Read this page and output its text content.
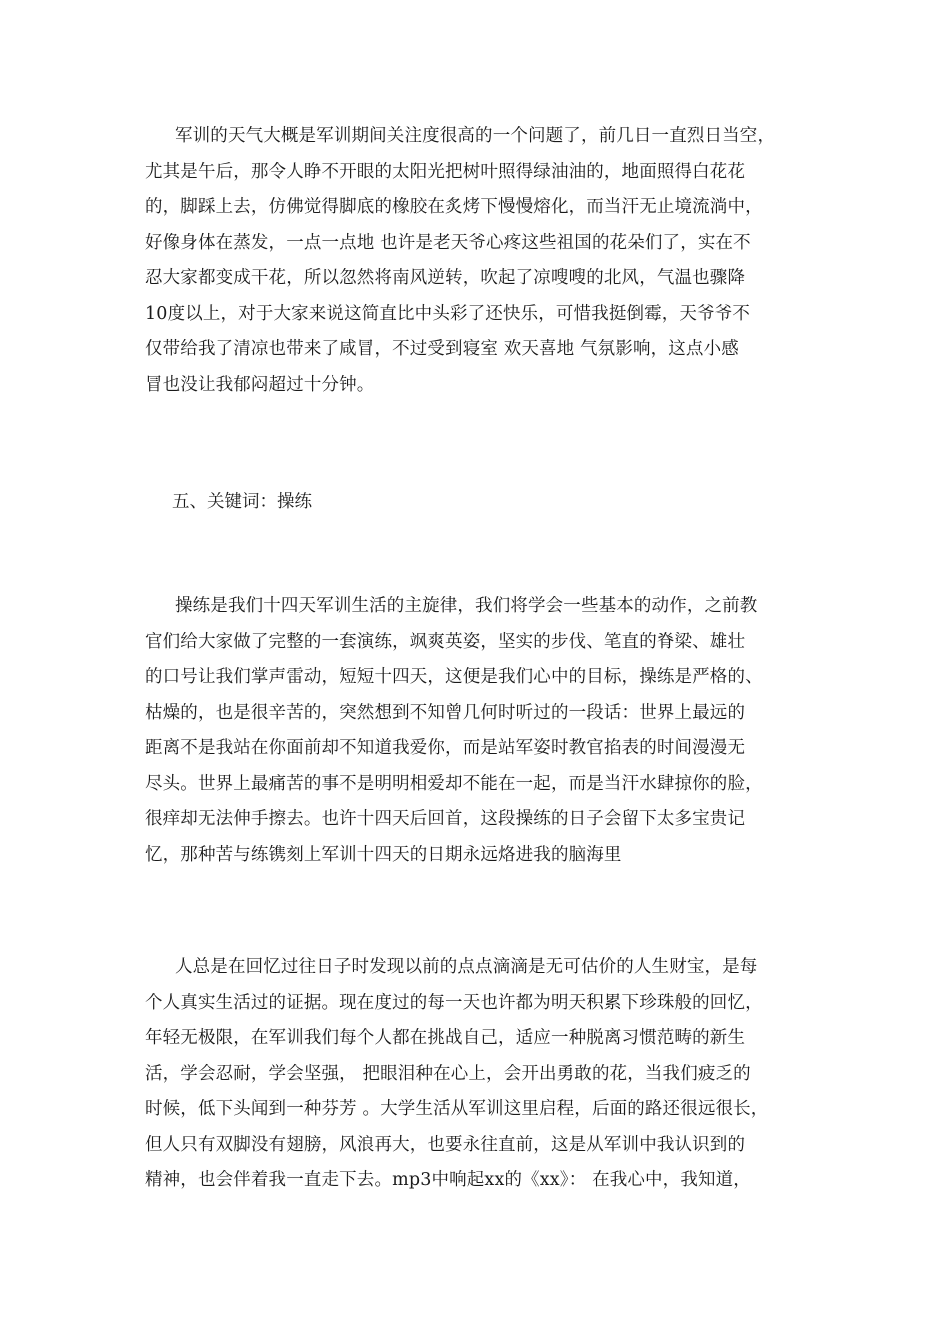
军训的天气大概是军训期间关注度很高的一个问题了，前几日一直烈日当空，
尤其是午后，那令人睁不开眼的太阳光把树叶照得绿油油的，地面照得白花花
的，脚踩上去，仿佛觉得脚底的橡胶在炙烤下慢慢熔化，而当汗无止境流淌中，
好像身体在蒸发，一点一点地 也许是老天爷心疼这些祖国的花朵们了，实在不
忍大家都变成干花，所以忽然将南风逆转，吹起了凉嗖嗖的北风，气温也骤降
10度以上，对于大家来说这简直比中头彩了还快乐，可惜我挺倒霉，天爷爷不
仅带给我了清凉也带来了咸冒，不过受到寝室 欢天喜地 气氛影响，这点小感
冒也没让我郁闷超过十分钟。
五、关键词：操练
操练是我们十四天军训生活的主旋律，我们将学会一些基本的动作，之前教
官们给大家做了完整的一套演练，飒爽英姿，坚实的步伐、笔直的脊梁、雄壮
的口号让我们掌声雷动，短短十四天，这便是我们心中的目标，操练是严格的、
枯燥的，也是很辛苦的，突然想到不知曾几何时听过的一段话：世界上最远的
距离不是我站在你面前却不知道我爱你，而是站军姿时教官掐表的时间漫漫无
尽头。世界上最痛苦的事不是明明相爱却不能在一起，而是当汗水肆掠你的脸，
很痒却无法伸手擦去。也许十四天后回首，这段操练的日子会留下太多宝贵记
忆，那种苦与练镌刻上军训十四天的日期永远烙进我的脑海里
人总是在回忆过往日子时发现以前的点点滴滴是无可估价的人生财宝，是每
个人真实生活过的证据。现在度过的每一天也许都为明天积累下珍珠般的回忆，
年轻无极限，在军训我们每个人都在挑战自己，适应一种脱离习惯范畴的新生
活，学会忍耐，学会坚强， 把眼泪种在心上，会开出勇敢的花，当我们疲乏的
时候，低下头闻到一种芬芳 。大学生活从军训这里启程，后面的路还很远很长，
但人只有双脚没有翅膀，风浪再大，也要永往直前，这是从军训中我认识到的
精神，也会伴着我一直走下去。mp3中响起xx的《xx》： 在我心中，我知道，
